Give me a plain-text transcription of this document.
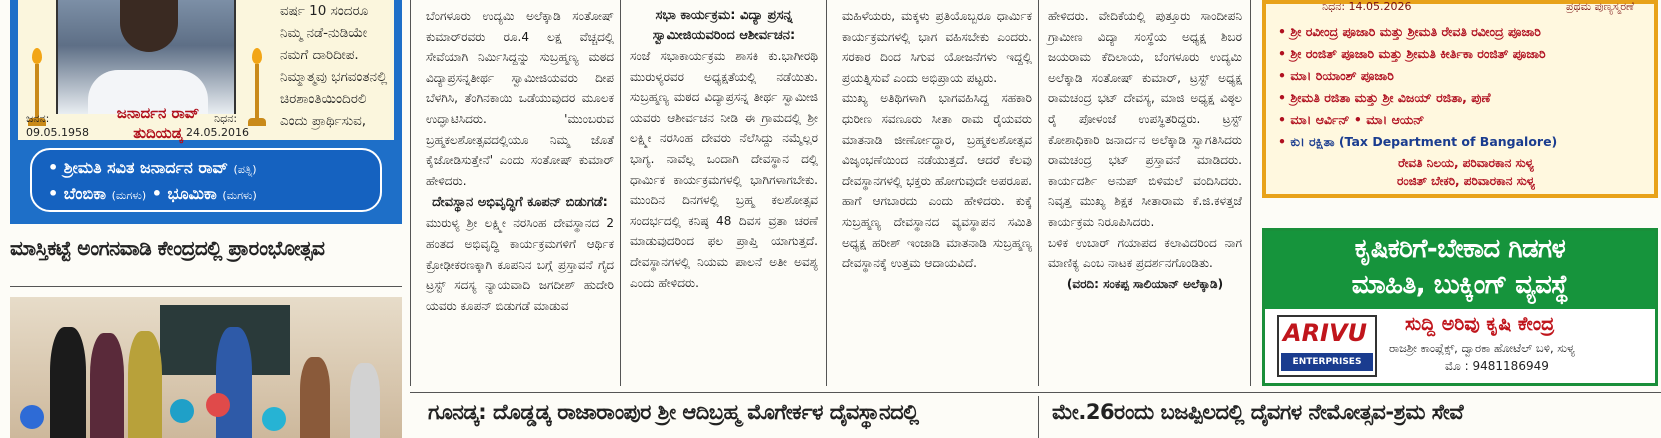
ಜನಾರ್ದನ ರಾವ್
ತುದಿಯಡ್ಕ
ಜನನ:
09.05.1958
ನಿಧನ:
24.05.2016
ವರ್ಷ 10 ಸಂದರೂ
ನಿಮ್ಮ ನಡೆ-ನುಡಿಯೇ
ನಮಗೆ ದಾರಿದೀಪ.
ನಿಮ್ಮಾತ್ಮವು ಭಗವಂತನಲ್ಲಿ
ಚಿರಶಾಂತಿಯಿಂದಿರಲಿ
ಎಂದು ಪ್ರಾರ್ಥಿಸುವ,
• ಶ್ರೀಮತಿ ಸವಿತ ಜನಾರ್ದನ ರಾವ್ (ಪತ್ನಿ)
• ಬೆಂಬಿಕಾ (ಮಗಳು) • ಭೂಮಿಕಾ (ಮಗಳು)
ಮಾಸ್ತಿಕಟ್ಟೆ ಅಂಗನವಾಡಿ ಕೇಂದ್ರದಲ್ಲಿ ಪ್ರಾರಂಭೋತ್ಸವ

ಬೆಂಗಳೂರು ಉದ್ಯಮಿ ಅಲೆಕ್ಕಾಡಿ ಸಂತೋಷ್ ಕುಮಾರ್‌ರವರು ರೂ.4 ಲಕ್ಷ ವೆಚ್ಚದಲ್ಲಿ ಸೇವೆಯಾಗಿ ನಿರ್ಮಿಸಿದ್ದನ್ನು ಸುಬ್ರಹ್ಮಣ್ಯ ಮಠದ ವಿದ್ಯಾಪ್ರಸನ್ನತೀರ್ಥ ಸ್ವಾಮೀಜಿಯವರು ದೀಪ ಬೆಳಗಿಸಿ, ತೆಂಗಿನಕಾಯಿ ಒಡೆಯುವುದರ ಮೂಲಕ ಉದ್ಘಾಟಿಸಿದರು. 'ಮುಂಬರುವ ಬ್ರಹ್ಮಕಲಶೋತ್ಸವದಲ್ಲಿಯೂ ನಿಮ್ಮ ಜೊತೆ ಕೈಜೋಡಿಸುತ್ತೇನೆ' ಎಂದು ಸಂತೋಷ್ ಕುಮಾರ್ ಹೇಳಿದರು.

ದೇವಸ್ಥಾನ ಅಭಿವೃದ್ಧಿಗೆ ಕೂಪನ್ ಬಿಡುಗಡೆ:

ಮುರುಳ್ಯ ಶ್ರೀ ಲಕ್ಷ್ಮೀ ನರಸಿಂಹ ದೇವಸ್ಥಾನದ 2 ಹಂತದ ಅಭಿವೃದ್ಧಿ ಕಾರ್ಯಕ್ರಮಗಳಿಗೆ ಆರ್ಥಿಕ ಕ್ರೋಢೀಕರಣಕ್ಕಾಗಿ ಕೂಪನಿನ ಬಗ್ಗೆ ಪ್ರಸ್ತಾವನೆ ಗೈದ ಟ್ರಸ್ಟ್ ಸದಸ್ಯ ನ್ಯಾಯವಾದಿ ಜಗದೀಶ್ ಹುದೇರಿ ಯವರು ಕೂಪನ್ ಬಿಡುಗಡೆ ಮಾಡುವ

ಸಭಾ ಕಾರ್ಯಕ್ರಮ: ವಿದ್ಯಾ ಪ್ರಸನ್ನ ಸ್ವಾಮೀಜಿಯವರಿಂದ ಆಶೀರ್ವಚನ:

ಸಂಜೆ ಸಭಾಕಾರ್ಯಕ್ರಮ ಶಾಸಕಿ ಕು.ಭಾಗೀರಥಿ ಮುರುಳ್ಯರವರ ಅಧ್ಯಕ್ಷತೆಯಲ್ಲಿ ನಡೆಯಿತು. ಸುಬ್ರಹ್ಮಣ್ಯ ಮಠದ ವಿದ್ಯಾಪ್ರಸನ್ನ ತೀರ್ಥ ಸ್ವಾಮೀಜಿ ಯವರು ಆಶೀರ್ವಚನ ನೀಡಿ ಈ ಗ್ರಾಮದಲ್ಲಿ ಶ್ರೀ ಲಕ್ಷ್ಮೀ ನರಸಿಂಹ ದೇವರು ನೆಲೆಸಿದ್ದು ನಮ್ಮೆಲ್ಲರ ಭಾಗ್ಯ. ನಾವೆಲ್ಲ ಒಂದಾಗಿ ದೇವಸ್ಥಾನ ದಲ್ಲಿ ಧಾರ್ಮಿಕ ಕಾರ್ಯಕ್ರಮಗಳಲ್ಲಿ ಭಾಗಿಗಳಾಗಬೇಕು. ಮುಂದಿನ ದಿನಗಳಲ್ಲಿ ಬ್ರಹ್ಮ ಕಲಶೋತ್ಸವ ಸಂದರ್ಭದಲ್ಲಿ ಕನಿಷ್ಠ 48 ದಿವಸ ವ್ರತಾ ಚರಣೆ ಮಾಡುವುದರಿಂದ ಫಲ ಪ್ರಾಪ್ತಿ ಯಾಗುತ್ತದೆ. ದೇವಸ್ಥಾನಗಳಲ್ಲಿ ನಿಯಮ ಪಾಲನೆ ಅತೀ ಅವಶ್ಯ ಎಂದು ಹೇಳಿದರು.

ಮಹಿಳೆಯರು, ಮಕ್ಕಳು ಪ್ರತಿಯೊಬ್ಬರೂ ಧಾರ್ಮಿಕ ಕಾರ್ಯಕ್ರಮಗಳಲ್ಲಿ ಭಾಗ ವಹಿಸಬೇಕು ಎಂದರು. ಸರಕಾರ ದಿಂದ ಸಿಗುವ ಯೋಜನೆಗಳು ಇದ್ದಲ್ಲಿ ಪ್ರಯತ್ನಿಸುವೆ ಎಂದು ಅಭಿಪ್ರಾಯ ಪಟ್ಟರು.

ಮುಖ್ಯ ಅತಿಥಿಗಳಾಗಿ ಭಾಗವಹಿಸಿದ್ದ ಸಹಕಾರಿ ಧುರೀಣ ಸವಣೂರು ಸೀತಾ ರಾಮ ರೈಯವರು ಮಾತನಾಡಿ ಜೀರ್ಣೋದ್ಧಾರ, ಬ್ರಹ್ಮಕಲಶೋತ್ಸವ ವಿಜೃಂಭಣೆಯಿಂದ ನಡೆಯುತ್ತದೆ. ಆದರೆ ಕೆಲವು ದೇವಸ್ಥಾನಗಳಲ್ಲಿ ಭಕ್ತರು ಹೋಗುವುದೇ ಅಪರೂಪ. ಹಾಗೆ ಆಗಬಾರದು ಎಂದು ಹೇಳಿದರು. ಕುಕ್ಕೆ ಸುಬ್ರಹ್ಮಣ್ಯ ದೇವಸ್ಥಾನದ ವ್ಯವಸ್ಥಾಪನ ಸಮಿತಿ ಅಧ್ಯಕ್ಷ ಹರೀಶ್ ಇಂಜಾಡಿ ಮಾತನಾಡಿ ಸುಬ್ರಹ್ಮಣ್ಯ ದೇವಸ್ಥಾನಕ್ಕೆ ಉತ್ತಮ ಆದಾಯವಿದೆ.

ಹೇಳಿದರು. ವೇದಿಕೆಯಲ್ಲಿ ಪುತ್ತೂರು ಸಾಂದೀಪನಿ ಗ್ರಾಮೀಣ ವಿದ್ಯಾ ಸಂಸ್ಥೆಯ ಅಧ್ಯಕ್ಷ ಶಿಬರ ಜಯರಾಮ ಕೆದಿಲಾಯ, ಬೆಂಗಳೂರು ಉದ್ಯಮಿ ಅಲೆಕ್ಕಾಡಿ ಸಂತೋಷ್ ಕುಮಾರ್, ಟ್ರಸ್ಟ್ ಅಧ್ಯಕ್ಷ ರಾಮಚಂದ್ರ ಭಟ್ ದೇವಸ್ಯ, ಮಾಜಿ ಅಧ್ಯಕ್ಷ ವಿಠ್ಠಲ ರೈ ಪೋಳಂಜೆ ಉಪಸ್ಥಿತರಿದ್ದರು. ಟ್ರಸ್ಟ್ ಕೋಶಾಧಿಕಾರಿ ಜನಾರ್ದನ ಅಲೆಕ್ಕಾಡಿ ಸ್ವಾಗತಿಸಿದರು ರಾಮಚಂದ್ರ ಭಟ್ ಪ್ರಸ್ತಾವನೆ ಮಾಡಿದರು. ಕಾರ್ಯದರ್ಶಿ ಅನುಪ್ ಬಿಳಿಮಲೆ ವಂದಿಸಿದರು. ನಿವೃತ್ತ ಮುಖ್ಯ ಶಿಕ್ಷಕ ಸೀತಾರಾಮ ಕೆ.ಜಿ.ಕಳತ್ತಜೆ ಕಾರ್ಯಕ್ರಮ ನಿರೂಪಿಸಿದರು.

ಬಳಿಕ ಉಬಾರ್ ಗಯಾಪದ ಕಲಾವಿದರಿಂದ ನಾಗ ಮಾಣಿಕ್ಯ ಎಂಬ ನಾಟಕ ಪ್ರದರ್ಶನಗೊಂಡಿತು.

(ವರದಿ: ಸಂಕಪ್ಪ ಸಾಲಿಯಾನ್ ಅಲೆಕ್ಕಾಡಿ)
ನಿಧನ: 14.05.2026	ಪ್ರಥಮ ಪುಣ್ಯಸ್ಮರಣೆ
• ಶ್ರೀ ರವೀಂದ್ರ ಪೂಜಾರಿ ಮತ್ತು ಶ್ರೀಮತಿ ರೇವತಿ ರವೀಂದ್ರ ಪೂಜಾರಿ
• ಶ್ರೀ ರಂಜಿತ್ ಪೂಜಾರಿ ಮತ್ತು ಶ್ರೀಮತಿ ಕೀರ್ತಿಕಾ ರಂಜಿತ್ ಪೂಜಾರಿ
• ಮಾ। ರಿಯಾಂಶ್ ಪೂಜಾರಿ
• ಶ್ರೀಮತಿ ರಜಿತಾ ಮತ್ತು ಶ್ರೀ ವಿಜಯ್ ರಜಿತಾ, ಪುಣೆ
• ಮಾ। ಆರ್ವಿನ್ • ಮಾ। ಆಯನ್
• ಕು। ರಕ್ಷಿತಾ (Tax Department of Bangalore)
ರೇವತಿ ನಿಲಯ, ಪರಿವಾರಕಾನ ಸುಳ್ಯ
ರಂಜಿತ್ ಬೇಕರಿ, ಪರಿವಾರಕಾನ ಸುಳ್ಯ
ಕೃಷಿಕರಿಗೆ-ಬೇಕಾದ ಗಿಡಗಳ
ಮಾಹಿತಿ, ಬುಕ್ಕಿಂಗ್ ವ್ಯವಸ್ಥೆ
ARIVU
ENTERPRISES
ಸುದ್ದಿ ಅರಿವು ಕೃಷಿ ಕೇಂದ್ರ
ರಾಜಶ್ರೀ ಕಾಂಪ್ಲೆಕ್ಸ್, ದ್ವಾರಕಾ ಹೋಟೆಲ್ ಬಳಿ, ಸುಳ್ಯ
ಮೊ : 9481186949
ಗೂನಡ್ಕ: ದೊಡ್ಡಡ್ಕ ರಾಜಾರಾಂಪುರ ಶ್ರೀ ಆದಿಬ್ರಹ್ಮ ಮೊಗೇರ್ಕಳ ದೈವಸ್ಥಾನದಲ್ಲಿ	ಮೇ.26ರಂದು ಬಜಪ್ಪಿಲದಲ್ಲಿ ದೈವಗಳ ನೇಮೋತ್ಸವ-ಶ್ರಮ ಸೇವೆ
